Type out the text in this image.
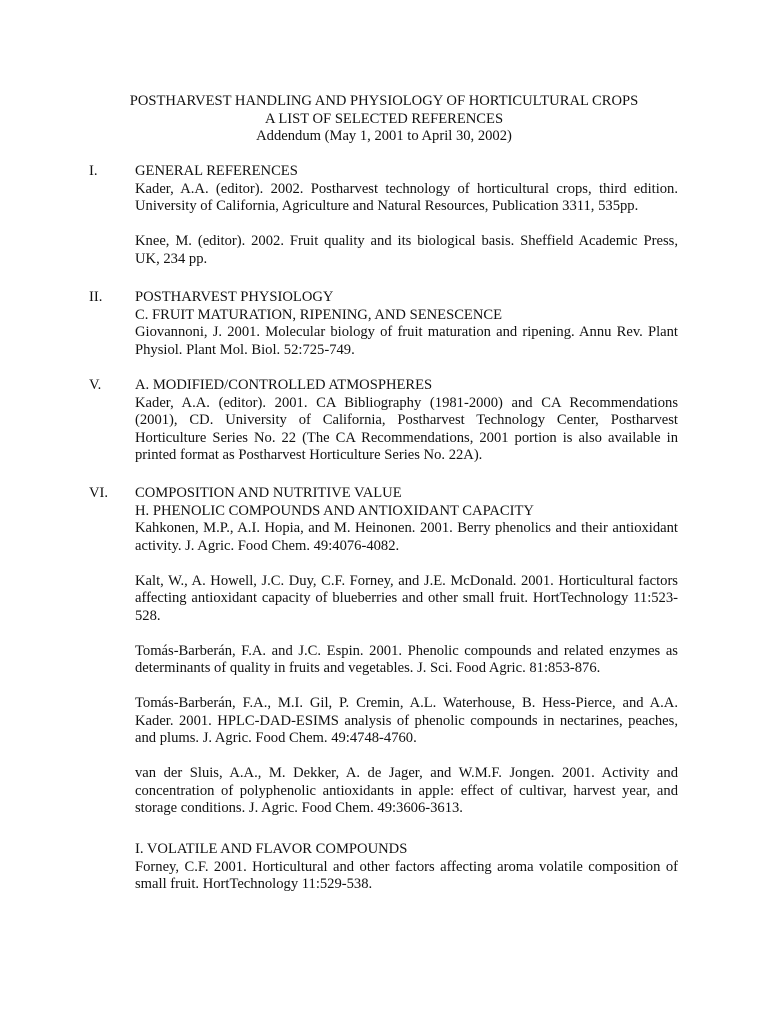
POSTHARVEST HANDLING AND PHYSIOLOGY OF HORTICULTURAL CROPS
A LIST OF SELECTED REFERENCES
Addendum (May 1, 2001 to April 30, 2002)
I.	GENERAL REFERENCES
Kader, A.A. (editor). 2002. Postharvest technology of horticultural crops, third edition. University of California, Agriculture and Natural Resources, Publication 3311, 535pp.
Knee, M. (editor). 2002. Fruit quality and its biological basis. Sheffield Academic Press, UK, 234 pp.
II. POSTHARVEST PHYSIOLOGY
C. FRUIT MATURATION, RIPENING, AND SENESCENCE
Giovannoni, J. 2001. Molecular biology of fruit maturation and ripening. Annu Rev. Plant Physiol. Plant Mol. Biol. 52:725-749.
V. A. MODIFIED/CONTROLLED ATMOSPHERES
Kader, A.A. (editor). 2001. CA Bibliography (1981-2000) and CA Recommendations (2001), CD. University of California, Postharvest Technology Center, Postharvest Horticulture Series No. 22 (The CA Recommendations, 2001 portion is also available in printed format as Postharvest Horticulture Series No. 22A).
VI. COMPOSITION AND NUTRITIVE VALUE
H. PHENOLIC COMPOUNDS AND ANTIOXIDANT CAPACITY
Kahkonen, M.P., A.I. Hopia, and M. Heinonen. 2001. Berry phenolics and their antioxidant activity. J. Agric. Food Chem. 49:4076-4082.
Kalt, W., A. Howell, J.C. Duy, C.F. Forney, and J.E. McDonald. 2001. Horticultural factors affecting antioxidant capacity of blueberries and other small fruit. HortTechnology 11:523-528.
Tomás-Barberán, F.A. and J.C. Espin. 2001. Phenolic compounds and related enzymes as determinants of quality in fruits and vegetables. J. Sci. Food Agric. 81:853-876.
Tomás-Barberán, F.A., M.I. Gil, P. Cremin, A.L. Waterhouse, B. Hess-Pierce, and A.A. Kader. 2001. HPLC-DAD-ESIMS analysis of phenolic compounds in nectarines, peaches, and plums. J. Agric. Food Chem. 49:4748-4760.
van der Sluis, A.A., M. Dekker, A. de Jager, and W.M.F. Jongen. 2001. Activity and concentration of polyphenolic antioxidants in apple: effect of cultivar, harvest year, and storage conditions. J. Agric. Food Chem. 49:3606-3613.
I. VOLATILE AND FLAVOR COMPOUNDS
Forney, C.F. 2001. Horticultural and other factors affecting aroma volatile composition of small fruit. HortTechnology 11:529-538.
